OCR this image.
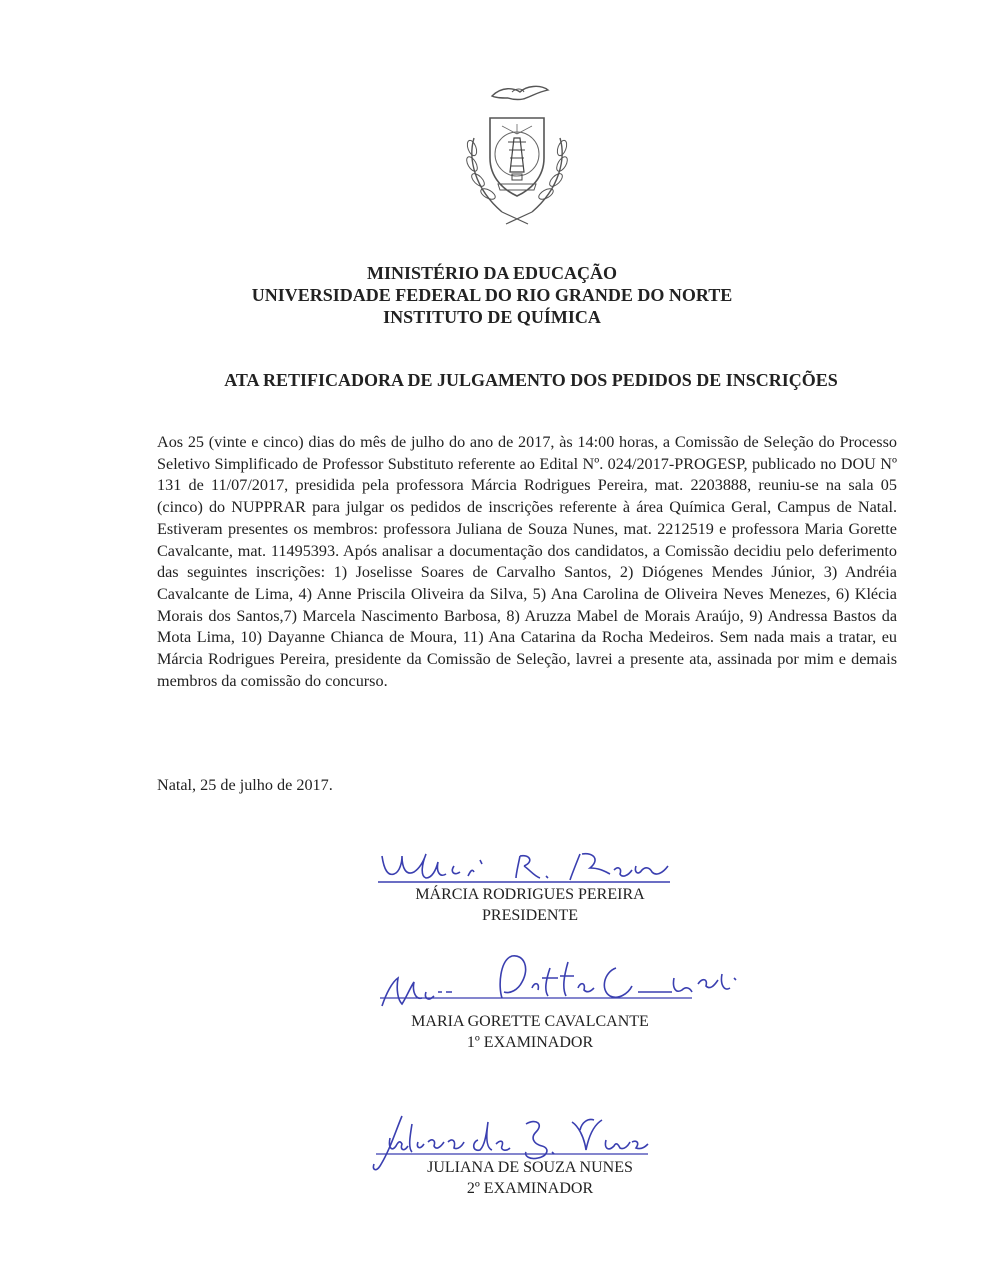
MINISTÉRIO DA EDUCAÇÃO
UNIVERSIDADE FEDERAL DO RIO GRANDE DO NORTE
INSTITUTO DE QUÍMICA
ATA RETIFICADORA DE JULGAMENTO DOS PEDIDOS DE INSCRIÇÕES
Aos 25 (vinte e cinco) dias do mês de julho do ano de 2017, às 14:00 horas, a Comissão de Seleção do Processo Seletivo Simplificado de Professor Substituto referente ao Edital Nº. 024/2017-PROGESP, publicado no DOU Nº 131 de 11/07/2017, presidida pela professora Márcia Rodrigues Pereira, mat. 2203888, reuniu-se na sala 05 (cinco) do NUPPRAR para julgar os pedidos de inscrições referente à área Química Geral, Campus de Natal. Estiveram presentes os membros: professora Juliana de Souza Nunes, mat. 2212519 e professora Maria Gorette Cavalcante, mat. 11495393. Após analisar a documentação dos candidatos, a Comissão decidiu pelo deferimento das seguintes inscrições: 1) Joselisse Soares de Carvalho Santos, 2) Diógenes Mendes Júnior, 3) Andréia Cavalcante de Lima, 4) Anne Priscila Oliveira da Silva, 5) Ana Carolina de Oliveira Neves Menezes, 6) Klécia Morais dos Santos,7) Marcela Nascimento Barbosa, 8) Aruzza Mabel de Morais Araújo, 9) Andressa Bastos da Mota Lima, 10) Dayanne Chianca de Moura, 11) Ana Catarina da Rocha Medeiros. Sem nada mais a tratar, eu Márcia Rodrigues Pereira, presidente da Comissão de Seleção, lavrei a presente ata, assinada por mim e demais membros da comissão do concurso.
Natal, 25 de julho de 2017.
MÁRCIA RODRIGUES PEREIRA
PRESIDENTE
MARIA GORETTE CAVALCANTE
1º EXAMINADOR
JULIANA DE SOUZA NUNES
2º EXAMINADOR
